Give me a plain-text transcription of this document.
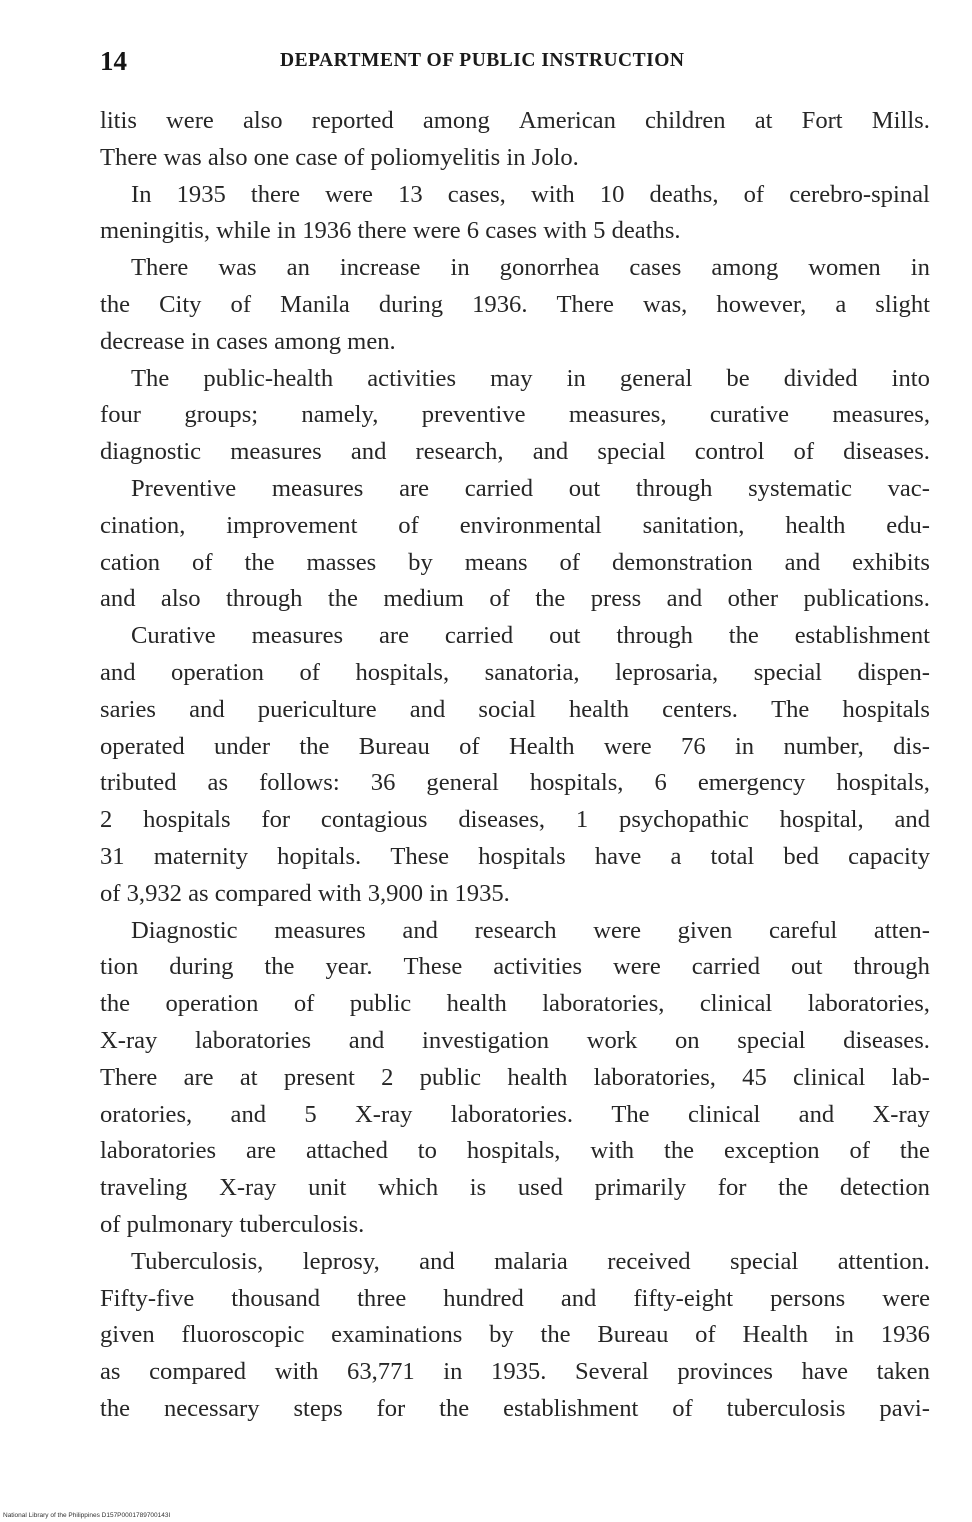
14	DEPARTMENT OF PUBLIC INSTRUCTION
litis were also reported among American children at Fort Mills.
There was also one case of poliomyelitis in Jolo.
In 1935 there were 13 cases, with 10 deaths, of cerebro-spinal
meningitis, while in 1936 there were 6 cases with 5 deaths.
There was an increase in gonorrhea cases among women in
the City of Manila during 1936. There was, however, a slight
decrease in cases among men.
The public-health activities may in general be divided into
four groups; namely, preventive measures, curative measures,
diagnostic measures and research, and special control of diseases.
Preventive measures are carried out through systematic vac-
cination, improvement of environmental sanitation, health edu-
cation of the masses by means of demonstration and exhibits
and also through the medium of the press and other publications.
Curative measures are carried out through the establishment
and operation of hospitals, sanatoria, leprosaria, special dispen-
saries and puericulture and social health centers. The hospitals
operated under the Bureau of Health were 76 in number, dis-
tributed as follows: 36 general hospitals, 6 emergency hospitals,
2 hospitals for contagious diseases, 1 psychopathic hospital, and
31 maternity hopitals. These hospitals have a total bed capacity
of 3,932 as compared with 3,900 in 1935.
Diagnostic measures and research were given careful atten-
tion during the year. These activities were carried out through
the operation of public health laboratories, clinical laboratories,
X-ray laboratories and investigation work on special diseases.
There are at present 2 public health laboratories, 45 clinical lab-
oratories, and 5 X-ray laboratories. The clinical and X-ray
laboratories are attached to hospitals, with the exception of the
traveling X-ray unit which is used primarily for the detection
of pulmonary tuberculosis.
Tuberculosis, leprosy, and malaria received special attention.
Fifty-five thousand three hundred and fifty-eight persons were
given fluoroscopic examinations by the Bureau of Health in 1936
as compared with 63,771 in 1935. Several provinces have taken
the necessary steps for the establishment of tuberculosis pavi-
National Library of the Philippines D157P0001789700143I
